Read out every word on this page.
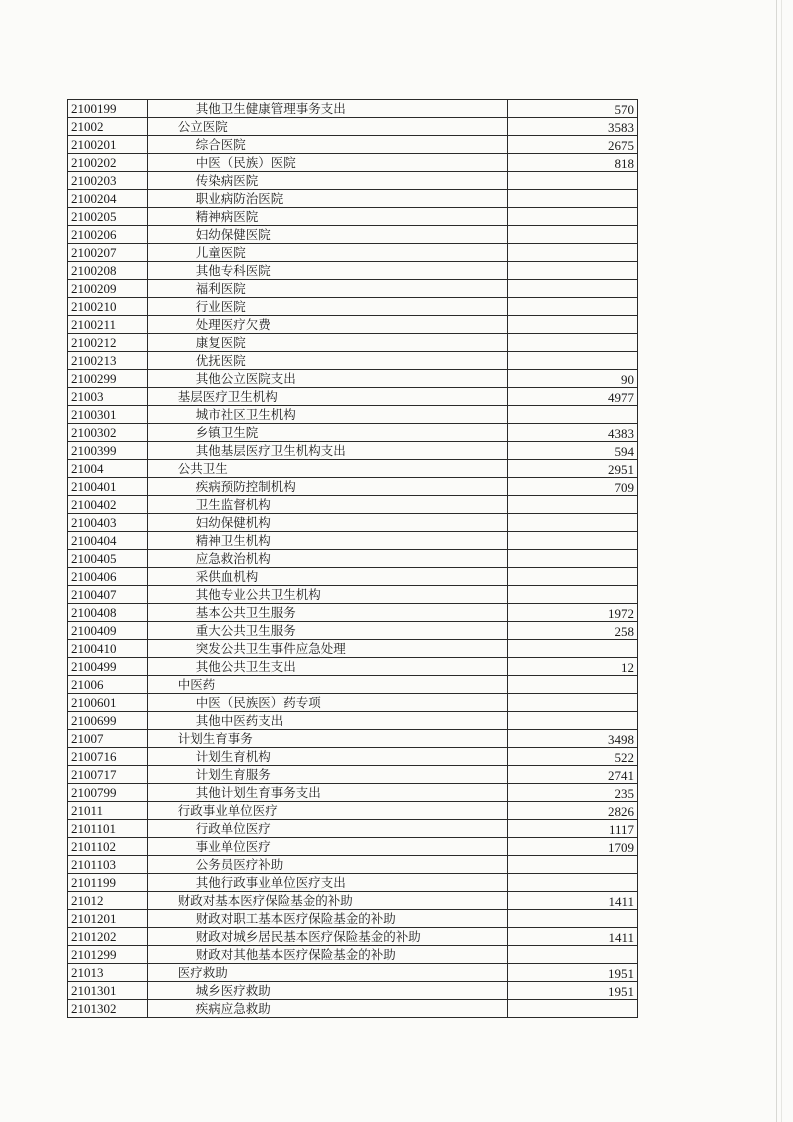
2100199	其他卫生健康管理事务支出	570
21002	公立医院	3583
2100201	综合医院	2675
2100202	中医（民族）医院	818
2100203	传染病医院	
2100204	职业病防治医院	
2100205	精神病医院	
2100206	妇幼保健医院	
2100207	儿童医院	
2100208	其他专科医院	
2100209	福利医院	
2100210	行业医院	
2100211	处理医疗欠费	
2100212	康复医院	
2100213	优抚医院	
2100299	其他公立医院支出	90
21003	基层医疗卫生机构	4977
2100301	城市社区卫生机构	
2100302	乡镇卫生院	4383
2100399	其他基层医疗卫生机构支出	594
21004	公共卫生	2951
2100401	疾病预防控制机构	709
2100402	卫生监督机构	
2100403	妇幼保健机构	
2100404	精神卫生机构	
2100405	应急救治机构	
2100406	采供血机构	
2100407	其他专业公共卫生机构	
2100408	基本公共卫生服务	1972
2100409	重大公共卫生服务	258
2100410	突发公共卫生事件应急处理	
2100499	其他公共卫生支出	12
21006	中医药	
2100601	中医（民族医）药专项	
2100699	其他中医药支出	
21007	计划生育事务	3498
2100716	计划生育机构	522
2100717	计划生育服务	2741
2100799	其他计划生育事务支出	235
21011	行政事业单位医疗	2826
2101101	行政单位医疗	1117
2101102	事业单位医疗	1709
2101103	公务员医疗补助	
2101199	其他行政事业单位医疗支出	
21012	财政对基本医疗保险基金的补助	1411
2101201	财政对职工基本医疗保险基金的补助	
2101202	财政对城乡居民基本医疗保险基金的补助	1411
2101299	财政对其他基本医疗保险基金的补助	
21013	医疗救助	1951
2101301	城乡医疗救助	1951
2101302	疾病应急救助	
